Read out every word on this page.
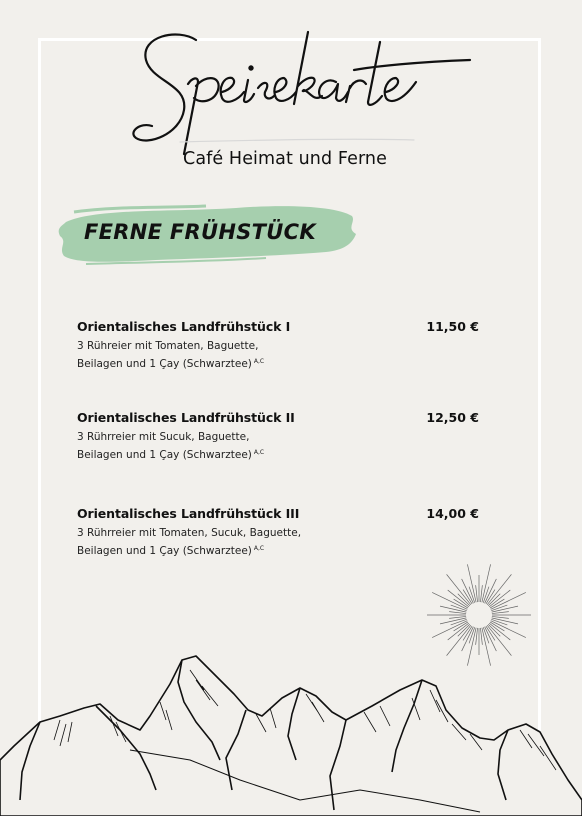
Café Heimat und Ferne
FERNE FRÜHSTÜCK
Orientalisches Landfrühstück I	11,50 €
3 Rühreier mit Tomaten, Baguette,
Beilagen und 1 Çay (Schwarztee) $^{A,C}$
Orientalisches Landfrühstück II	12,50 €
3 Rührreier mit Sucuk, Baguette,
Beilagen und 1 Çay (Schwarztee) $^{A,C}$
Orientalisches Landfrühstück III	14,00 €
3 Rührreier mit Tomaten, Sucuk, Baguette,
Beilagen und 1 Çay (Schwarztee) $^{A,C}$
